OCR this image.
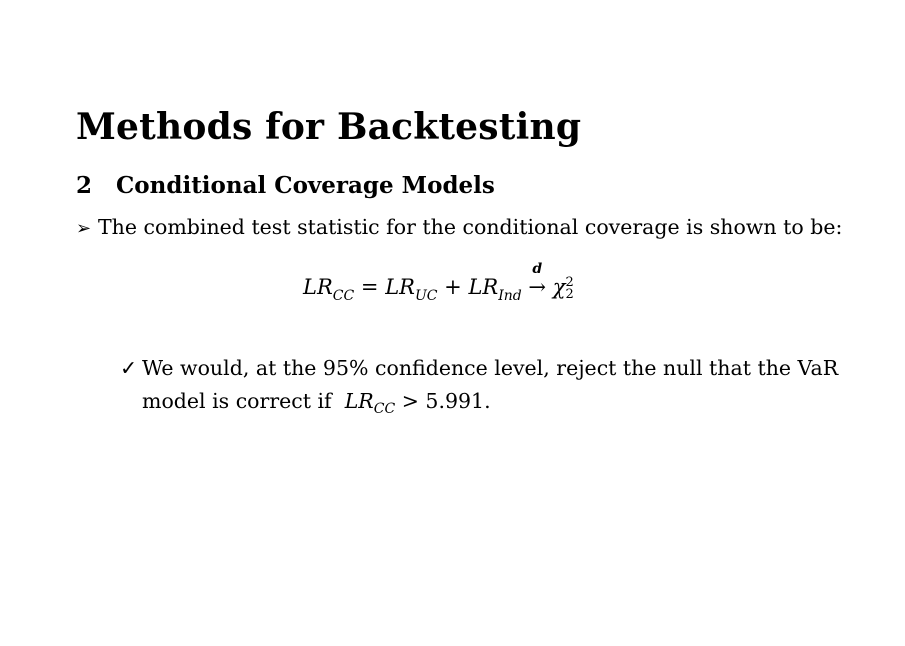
Methods for Backtesting
2 Conditional Coverage Models
➢ The combined test statistic for the conditional coverage is shown to be:
$LR_{CC} = LR_{UC} + LR_{Ind}$
d
→ χ2
2
✓ We would, at the 95% confidence level, reject the null that the VaR
model is correct if $LR_{CC} > 5.991$.
